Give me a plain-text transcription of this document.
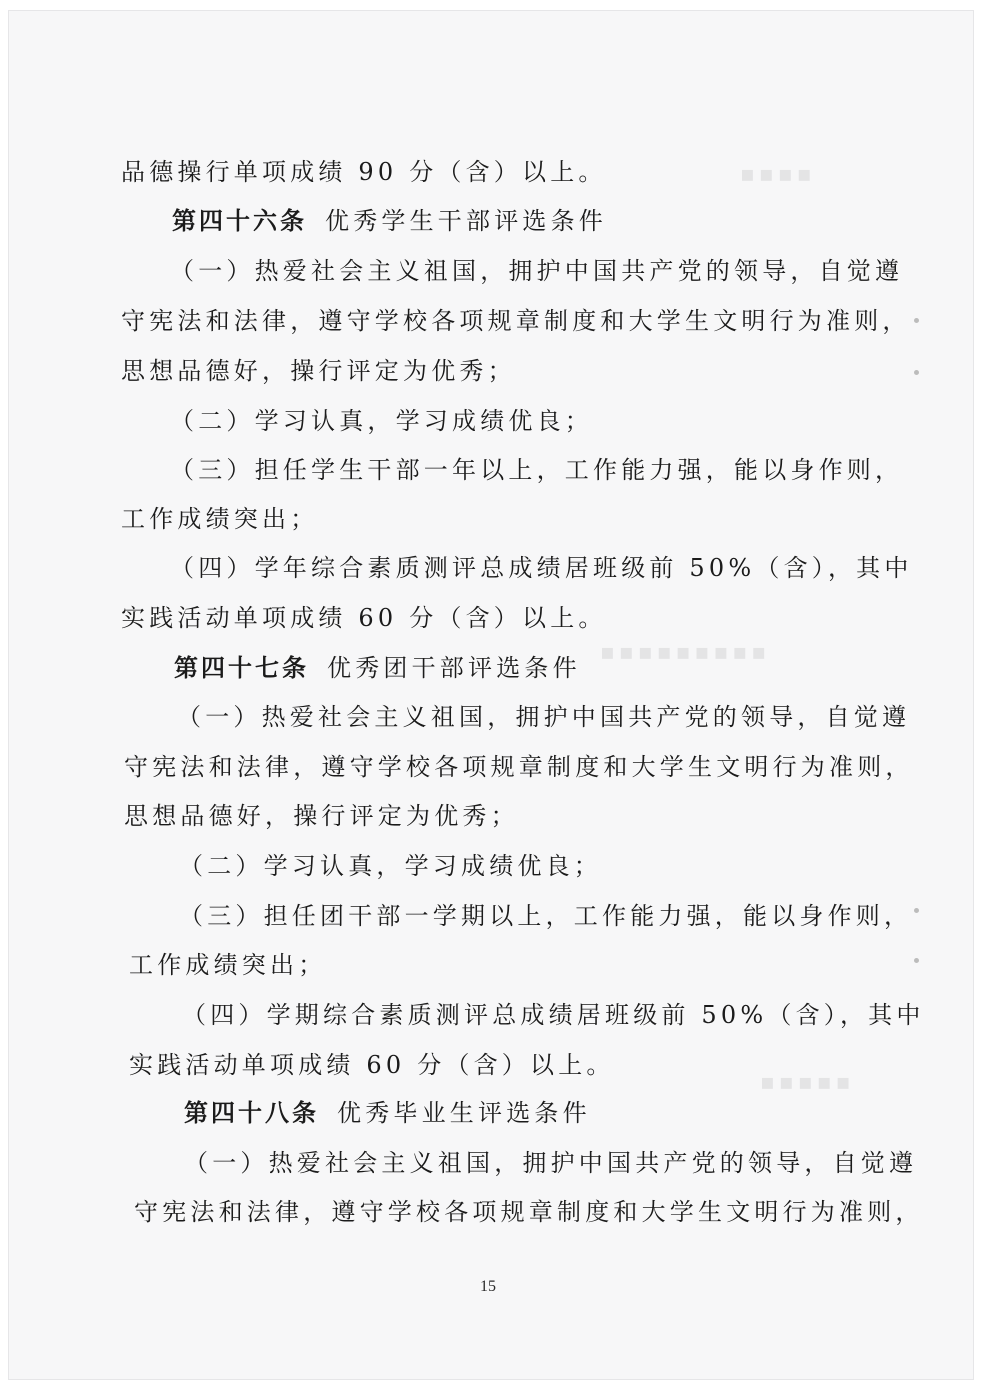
▪▪▪▪
▪▪▪▪▪▪▪▪▪
▪▪▪▪▪
品德操行单项成绩 90 分（含）以上。
第四十六条 优秀学生干部评选条件
（一）热爱社会主义祖国，拥护中国共产党的领导，自觉遵
守宪法和法律，遵守学校各项规章制度和大学生文明行为准则，
思想品德好，操行评定为优秀；
（二）学习认真，学习成绩优良；
（三）担任学生干部一年以上，工作能力强，能以身作则，
工作成绩突出；
（四）学年综合素质测评总成绩居班级前 50%（含），其中
实践活动单项成绩 60 分（含）以上。
第四十七条 优秀团干部评选条件
（一）热爱社会主义祖国，拥护中国共产党的领导，自觉遵
守宪法和法律，遵守学校各项规章制度和大学生文明行为准则，
思想品德好，操行评定为优秀；
（二）学习认真，学习成绩优良；
（三）担任团干部一学期以上，工作能力强，能以身作则，
工作成绩突出；
（四）学期综合素质测评总成绩居班级前 50%（含），其中
实践活动单项成绩 60 分（含）以上。
第四十八条 优秀毕业生评选条件
（一）热爱社会主义祖国，拥护中国共产党的领导，自觉遵
守宪法和法律，遵守学校各项规章制度和大学生文明行为准则，
15
